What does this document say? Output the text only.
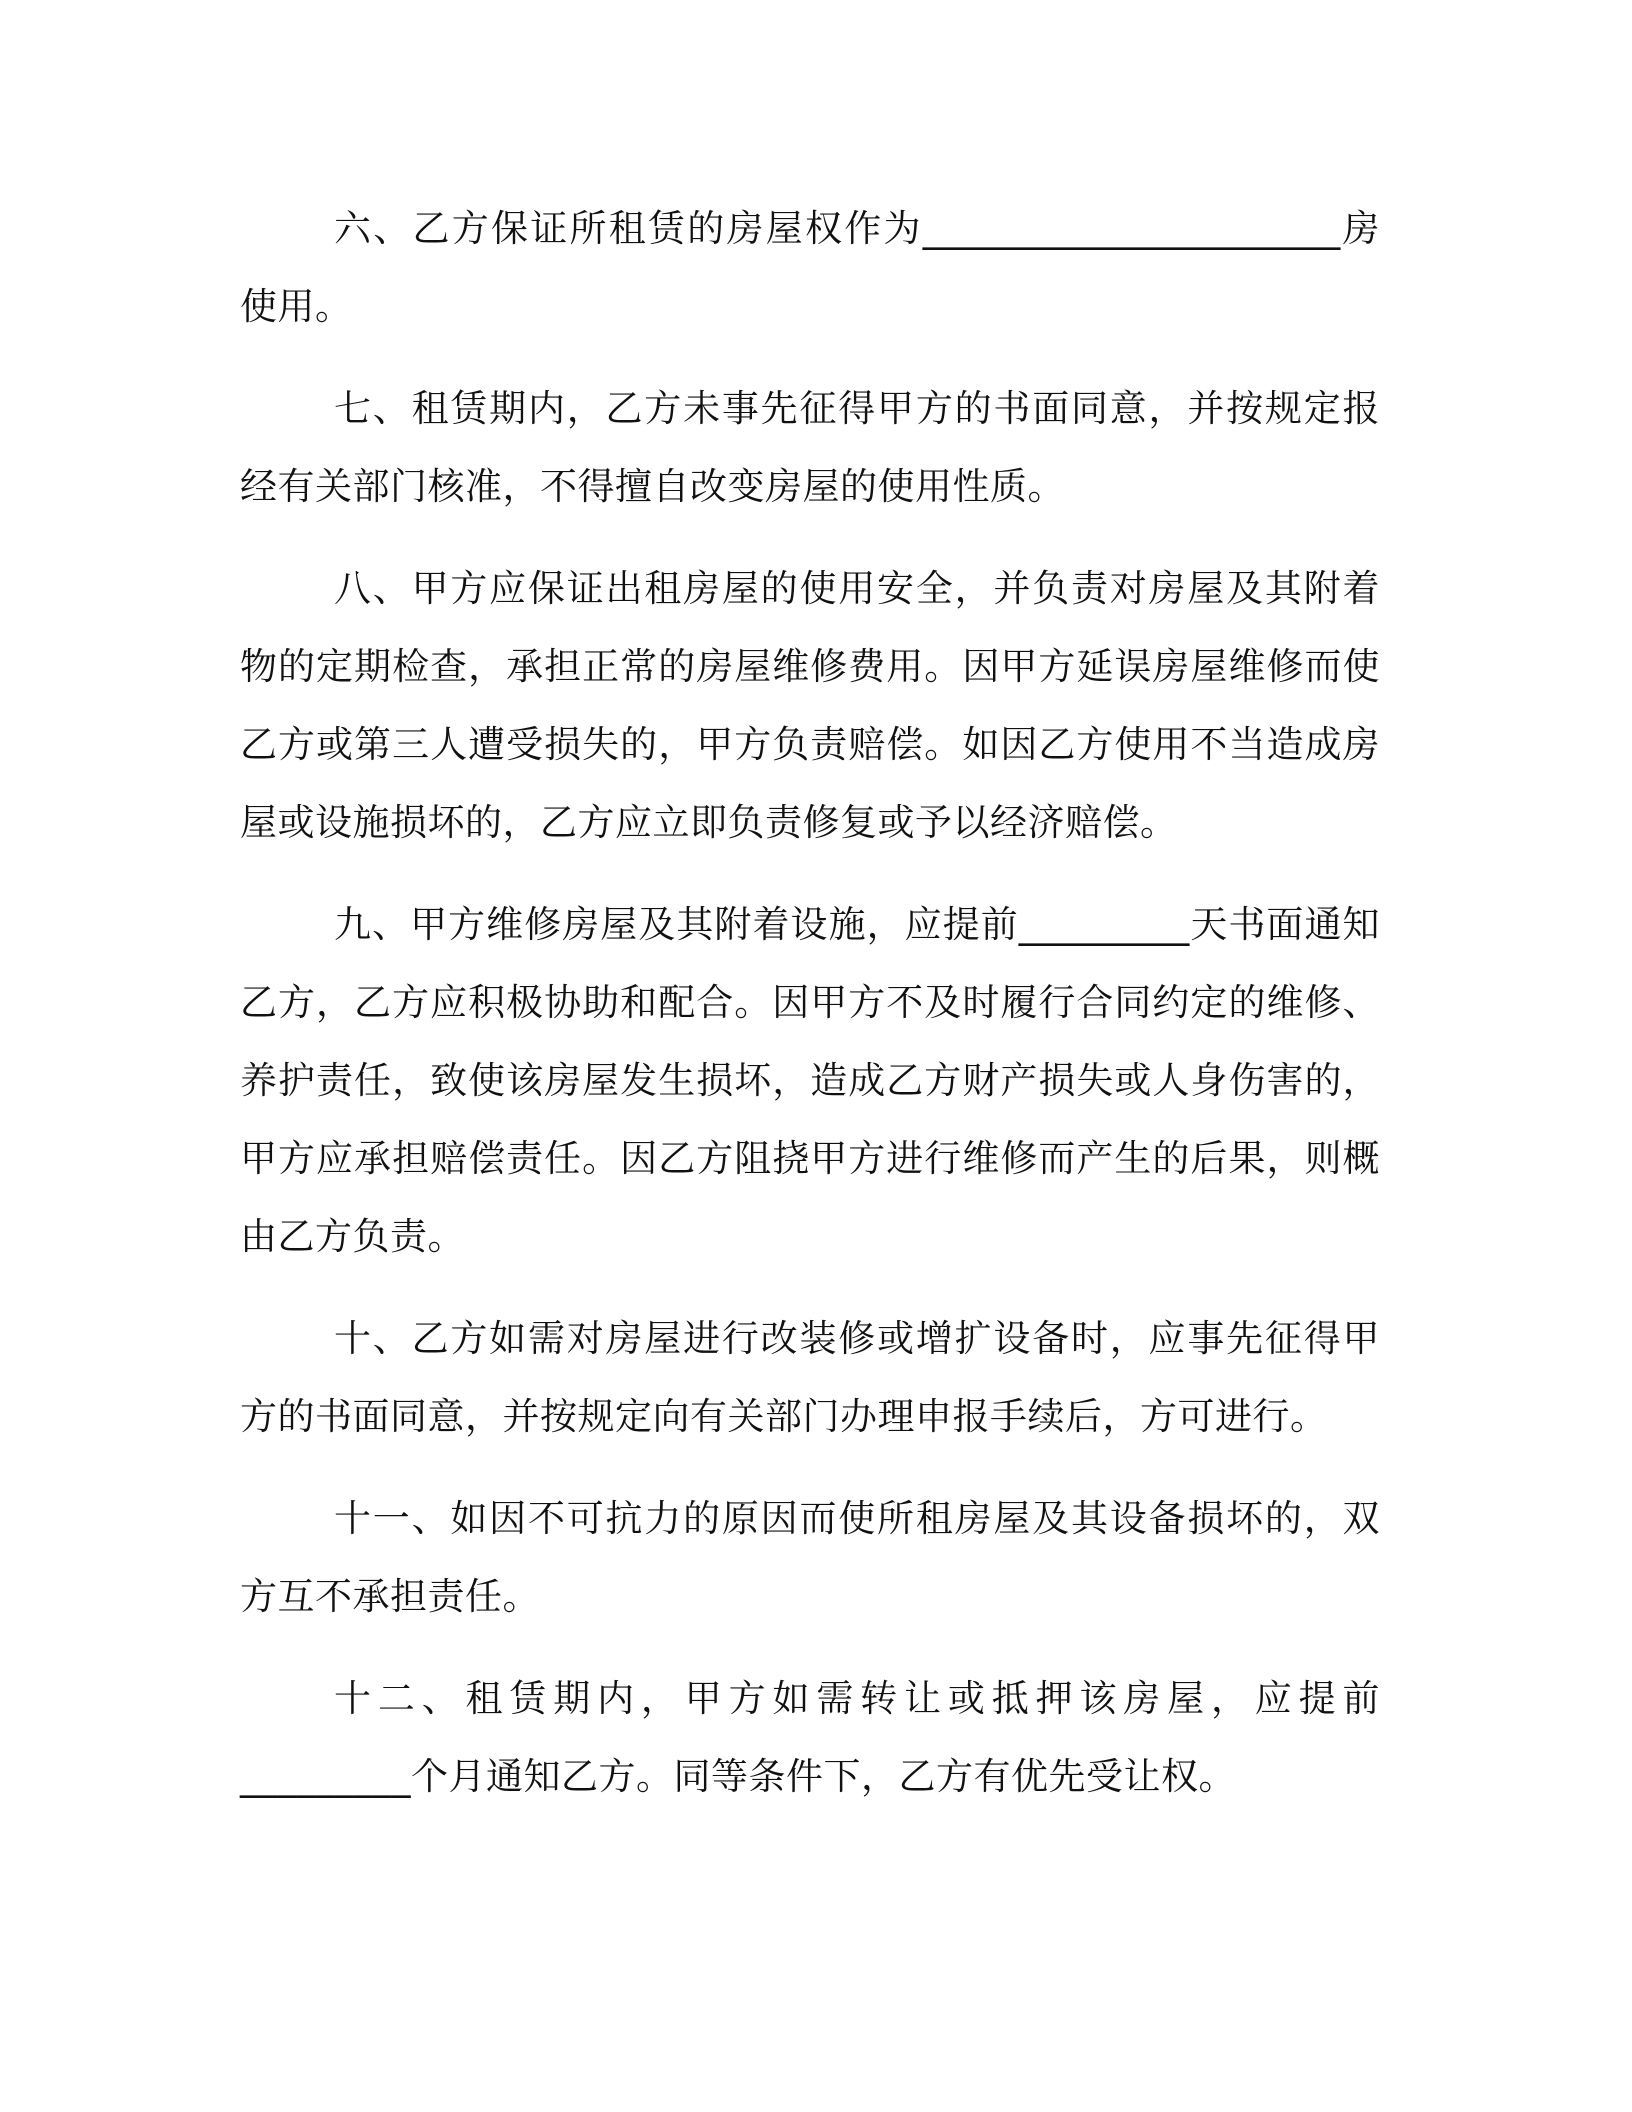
六、乙方保证所租赁的房屋权作为______________________房使用。

七、租赁期内，乙方未事先征得甲方的书面同意，并按规定报经有关部门核准，不得擅自改变房屋的使用性质。

八、甲方应保证出租房屋的使用安全，并负责对房屋及其附着物的定期检查，承担正常的房屋维修费用。因甲方延误房屋维修而使乙方或第三人遭受损失的，甲方负责赔偿。如因乙方使用不当造成房屋或设施损坏的，乙方应立即负责修复或予以经济赔偿。

九、甲方维修房屋及其附着设施，应提前_________天书面通知乙方，乙方应积极协助和配合。因甲方不及时履行合同约定的维修、养护责任，致使该房屋发生损坏，造成乙方财产损失或人身伤害的，甲方应承担赔偿责任。因乙方阻挠甲方进行维修而产生的后果，则概由乙方负责。

十、乙方如需对房屋进行改装修或增扩设备时，应事先征得甲方的书面同意，并按规定向有关部门办理申报手续后，方可进行。

十一、如因不可抗力的原因而使所租房屋及其设备损坏的，双方互不承担责任。

十二、租赁期内，甲方如需转让或抵押该房屋，应提前_________个月通知乙方。同等条件下，乙方有优先受让权。
